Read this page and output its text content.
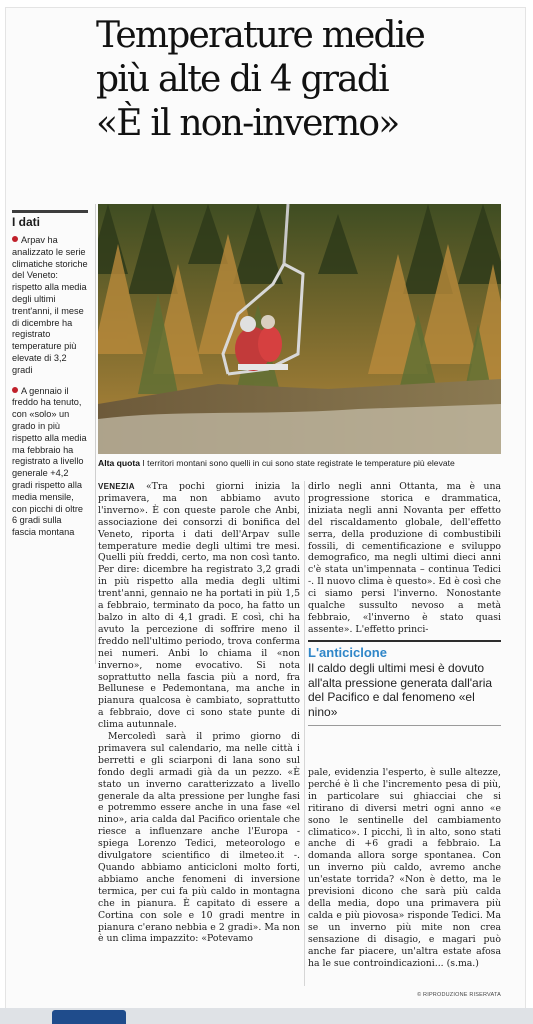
Temperature medie
più alte di 4 gradi
«È il non-inverno»
I dati

Arpav ha analizzato le serie climatiche storiche del Veneto: rispetto alla media degli ultimi trent'anni, il mese di dicembre ha registrato temperature più elevate di 3,2 gradi

A gennaio il freddo ha tenuto, con «solo» un grado in più rispetto alla media ma febbraio ha registrato a livello generale +4,2 gradi rispetto alla media mensile, con picchi di oltre 6 gradi sulla fascia montana

Alta quota I territori montani sono quelli in cui sono state registrate le temperature più elevate

VENEZIA «Tra pochi giorni inizia la primavera, ma non abbiamo avuto l'inverno». È con queste parole che Anbi, associazione dei consorzi di bonifica del Veneto, riporta i dati dell'Arpav sulle temperature medie degli ultimi tre mesi. Quelli più freddi, certo, ma non così tanto. Per dire: dicembre ha registrato 3,2 gradi in più rispetto alla media degli ultimi trent'anni, gennaio ne ha portati in più 1,5 a febbraio, terminato da poco, ha fatto un balzo in alto di 4,1 gradi. E così, chi ha avuto la percezione di soffrire meno il freddo nell'ultimo periodo, trova conferma nei numeri. Anbi lo chiama il «non inverno», nome evocativo. Si nota soprattutto nella fascia più a nord, fra Bellunese e Pedemontana, ma anche in pianura qualcosa è cambiato, soprattutto a febbraio, dove ci sono state punte di clima autunnale.

Mercoledì sarà il primo giorno di primavera sul calendario, ma nelle città i berretti e gli sciarponi di lana sono sul fondo degli armadi già da un pezzo. «È stato un inverno caratterizzato a livello generale da alta pressione per lunghe fasi e potremmo essere anche in una fase «el nino», aria calda dal Pacifico orientale che riesce a influenzare anche l'Europa - spiega Lorenzo Tedici, meteorologo e divulgatore scientifico di ilmeteo.it -. Quando abbiamo anticicloni molto forti, abbiamo anche fenomeni di inversione termica, per cui fa più caldo in montagna che in pianura. È capitato di essere a Cortina con sole e 10 gradi mentre in pianura c'erano nebbia e 2 gradi». Ma non è un clima impazzito: «Potevamo

dirlo negli anni Ottanta, ma è una progressione storica e drammatica, iniziata negli anni Novanta per effetto del riscaldamento globale, dell'effetto serra, della produzione di combustibili fossili, di cementificazione e sviluppo demografico, ma negli ultimi dieci anni c'è stata un'impennata – continua Tedici -. Il nuovo clima è questo». Ed è così che ci siamo persi l'inverno. Nonostante qualche sussulto nevoso a metà febbraio, «l'inverno è stato quasi assente». L'effetto princi-

L'anticiclone
Il caldo degli ultimi mesi è dovuto all'alta pressione generata dall'aria del Pacifico e dal fenomeno «el nino»

pale, evidenzia l'esperto, è sulle altezze, perché è lì che l'incremento pesa di più, in particolare sui ghiacciai che si ritirano di diversi metri ogni anno «e sono le sentinelle del cambiamento climatico». I picchi, lì in alto, sono stati anche di +6 gradi a febbraio. La domanda allora sorge spontanea. Con un inverno più caldo, avremo anche un'estate torrida? «Non è detto, ma le previsioni dicono che sarà più calda della media, dopo una primavera più calda e più piovosa» risponde Tedici. Ma se un inverno più mite non crea sensazione di disagio, e magari può anche far piacere, un'altra estate afosa ha le sue controindicazioni... (s.ma.)

© RIPRODUZIONE RISERVATA
